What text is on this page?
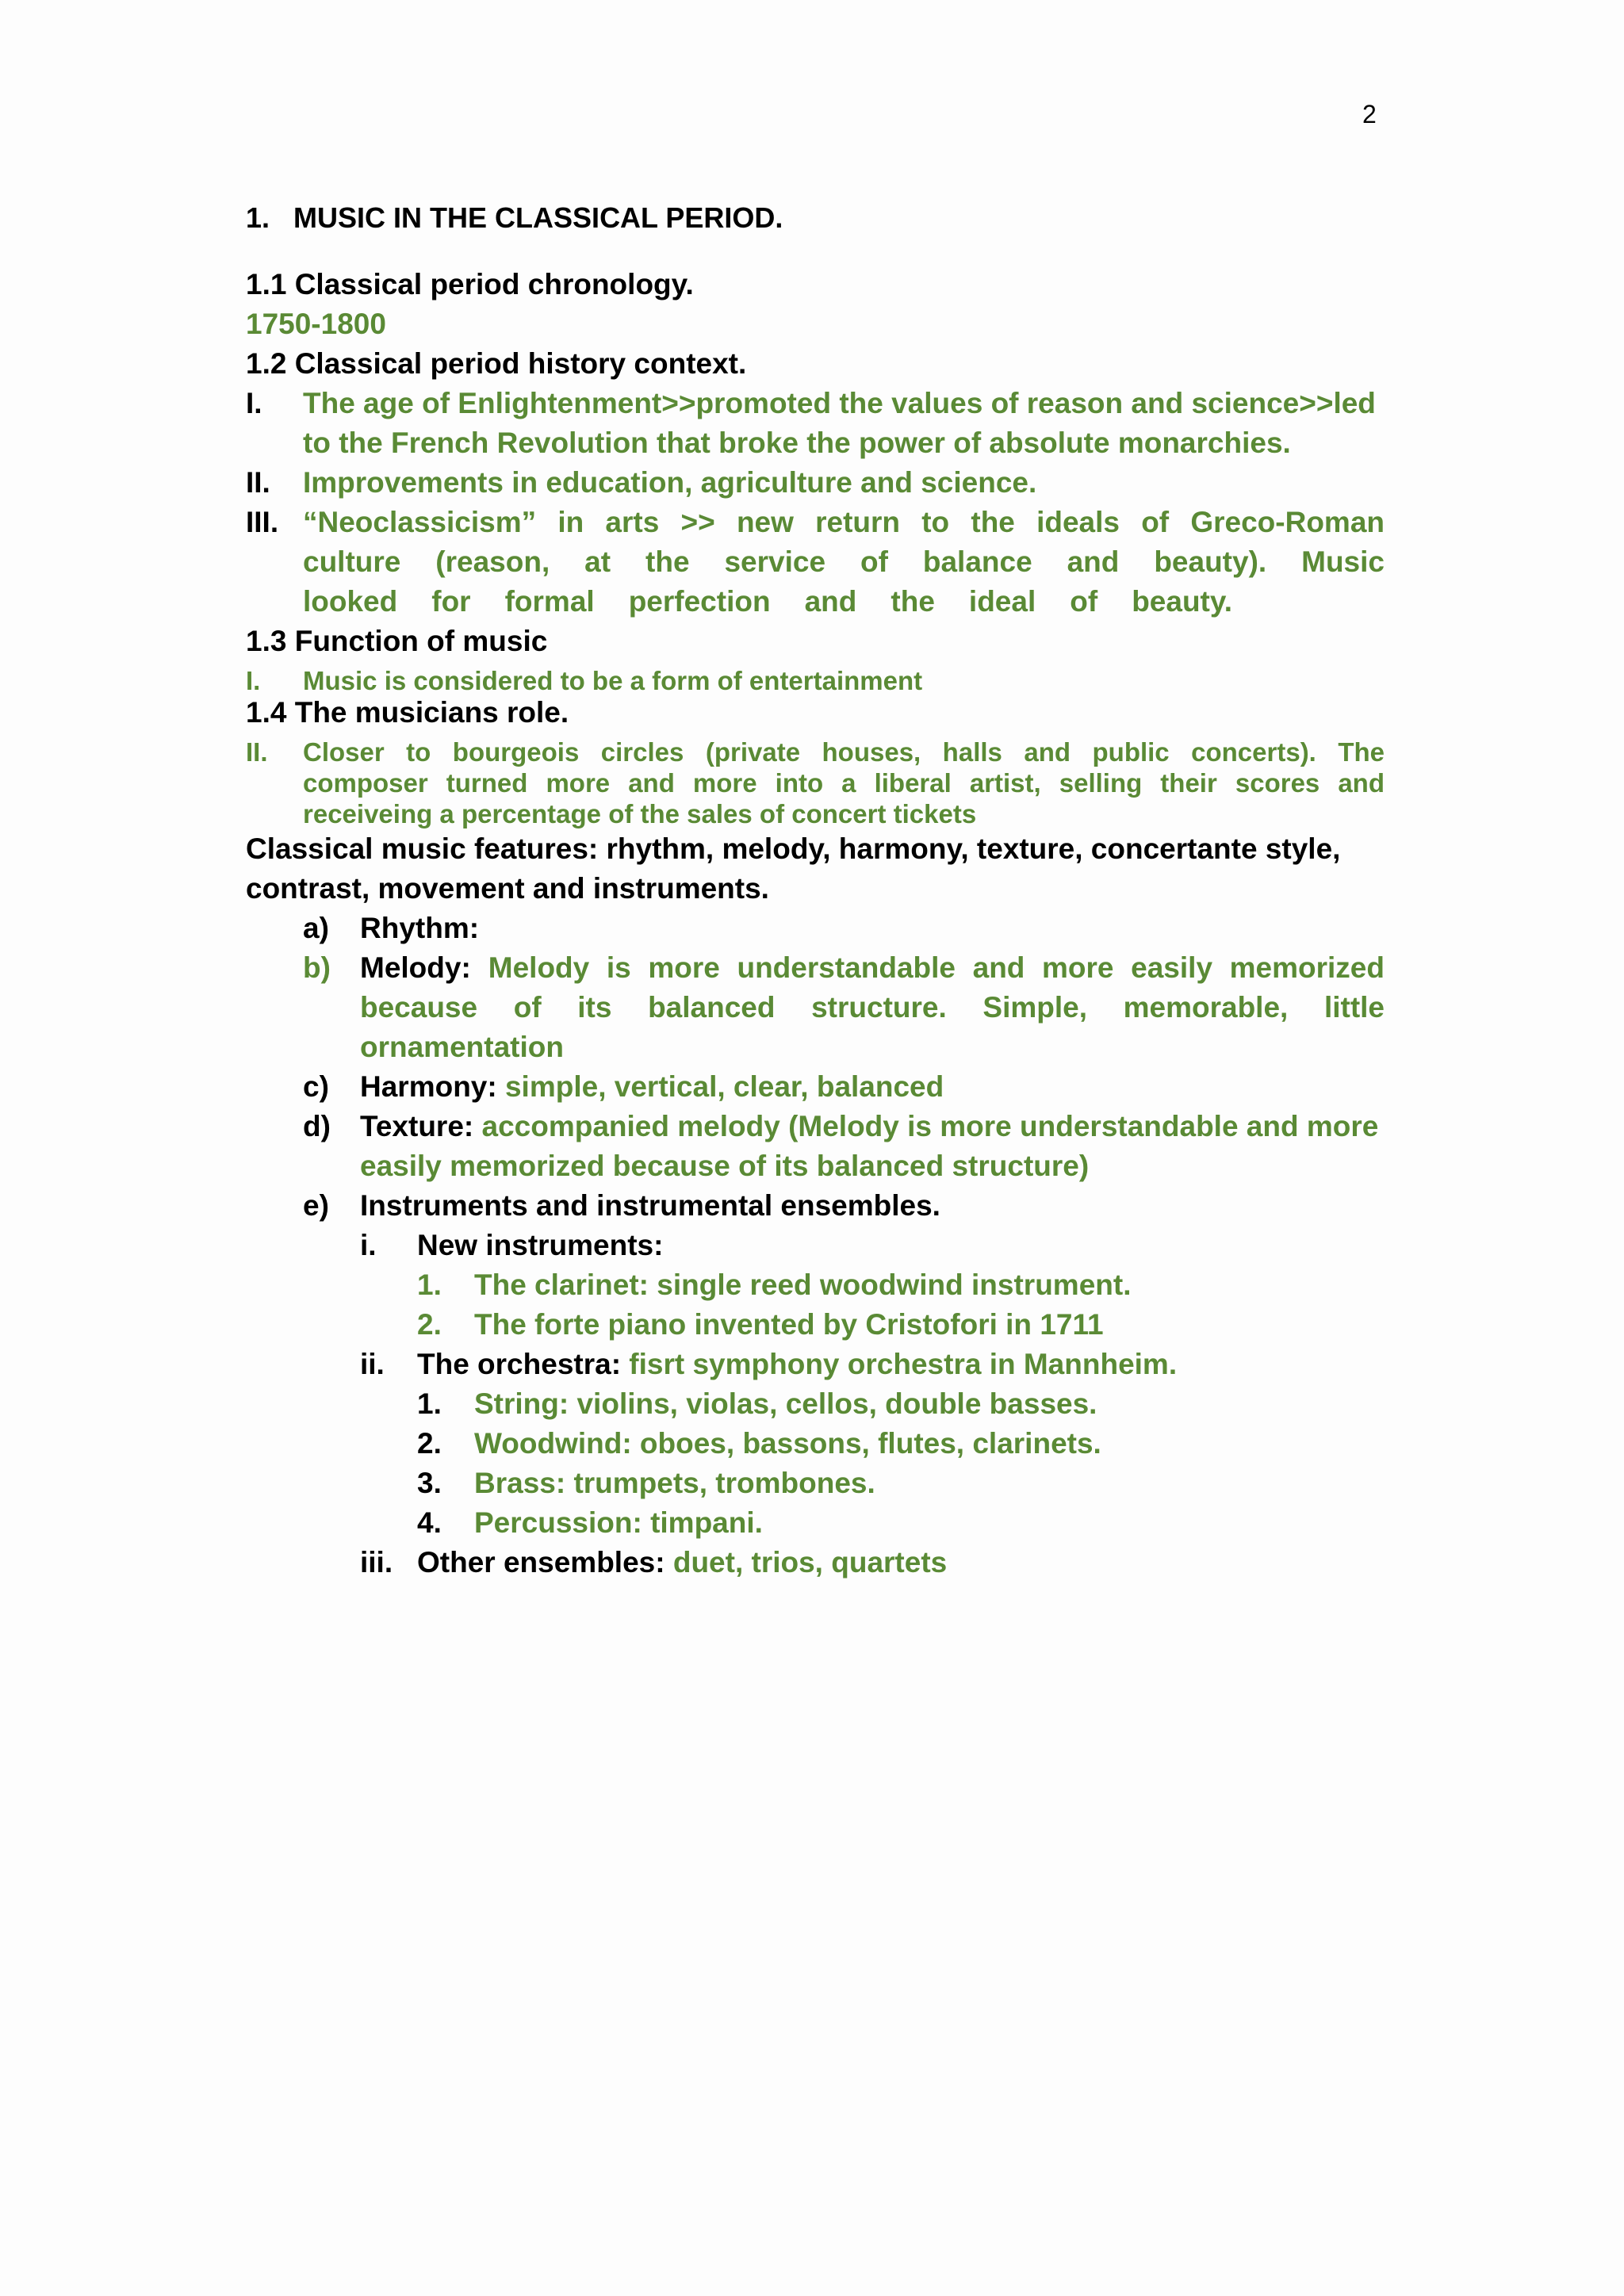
2
1. MUSIC IN THE CLASSICAL PERIOD.
1.1 Classical period chronology.
1750-1800
1.2 Classical period history context.
I. The age of Enlightenment>>promoted the values of reason and science>>led
to the French Revolution that broke the power of absolute monarchies.
II. Improvements in education, agriculture and science.
III. “Neoclassicism” in arts >> new return to the ideals of Greco-Roman
culture (reason, at the service of balance and beauty). Music
looked for formal perfection and the ideal of beauty.
1.3 Function of music
I. Music is considered to be a form of entertainment
1.4 The musicians role.
II. Closer to bourgeois circles (private houses, halls and public concerts). The
composer turned more and more into a liberal artist, selling their scores and
receiveing a percentage of the sales of concert tickets
Classical music features: rhythm, melody, harmony, texture, concertante style,
contrast, movement and instruments.
a) Rhythm:
b) Melody: Melody is more understandable and more easily memorized
because of its balanced structure. Simple, memorable, little
ornamentation
c) Harmony: simple, vertical, clear, balanced
d) Texture: accompanied melody (Melody is more understandable and more
easily memorized because of its balanced structure)
e) Instruments and instrumental ensembles.
i. New instruments:
1. The clarinet: single reed woodwind instrument.
2. The forte piano invented by Cristofori in 1711
ii. The orchestra: fisrt symphony orchestra in Mannheim.
1. String: violins, violas, cellos, double basses.
2. Woodwind: oboes, bassons, flutes, clarinets.
3. Brass: trumpets, trombones.
4. Percussion: timpani.
iii. Other ensembles: duet, trios, quartets
